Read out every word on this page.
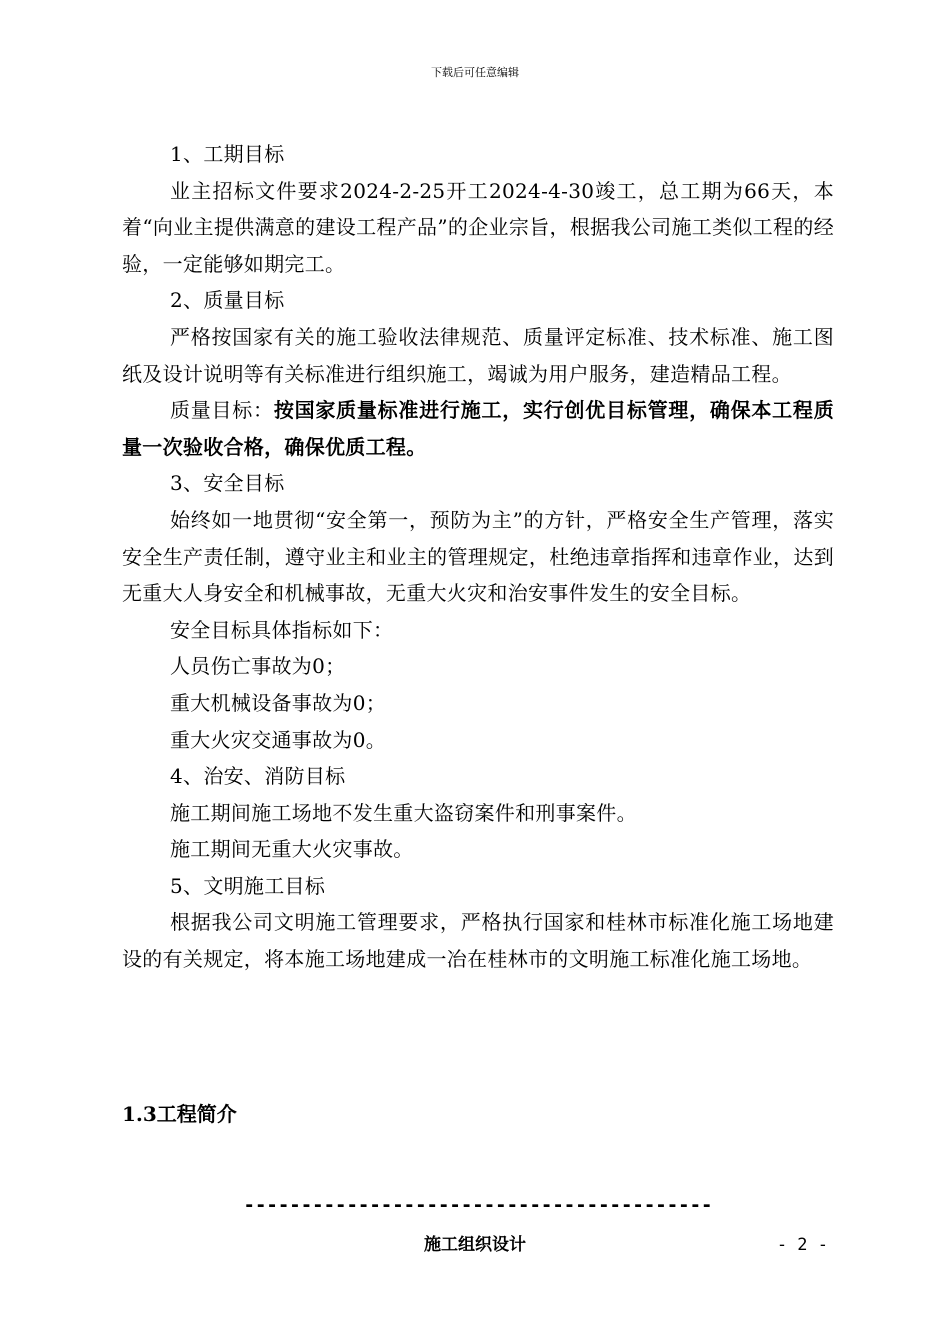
下载后可任意编辑

1、工期目标

业主招标文件要求2024-2-25开工2024-4-30竣工，总工期为66天，本着“向业主提供满意的建设工程产品”的企业宗旨，根据我公司施工类似工程的经验，一定能够如期完工。

2、质量目标

严格按国家有关的施工验收法律规范、质量评定标准、技术标准、施工图纸及设计说明等有关标准进行组织施工，竭诚为用户服务，建造精品工程。

质量目标：按国家质量标准进行施工，实行创优目标管理，确保本工程质量一次验收合格，确保优质工程。

3、安全目标

始终如一地贯彻“安全第一，预防为主”的方针，严格安全生产管理，落实安全生产责任制，遵守业主和业主的管理规定，杜绝违章指挥和违章作业，达到无重大人身安全和机械事故，无重大火灾和治安事件发生的安全目标。

安全目标具体指标如下：

人员伤亡事故为0；

重大机械设备事故为0；

重大火灾交通事故为0。

4、治安、消防目标

施工期间施工场地不发生重大盗窃案件和刑事案件。

施工期间无重大火灾事故。

5、文明施工目标

根据我公司文明施工管理要求，严格执行国家和桂林市标准化施工场地建设的有关规定，将本施工场地建成一冶在桂林市的文明施工标准化施工场地。

1.3工程简介
-----------------------------------------
施工组织设计	- 2 -
